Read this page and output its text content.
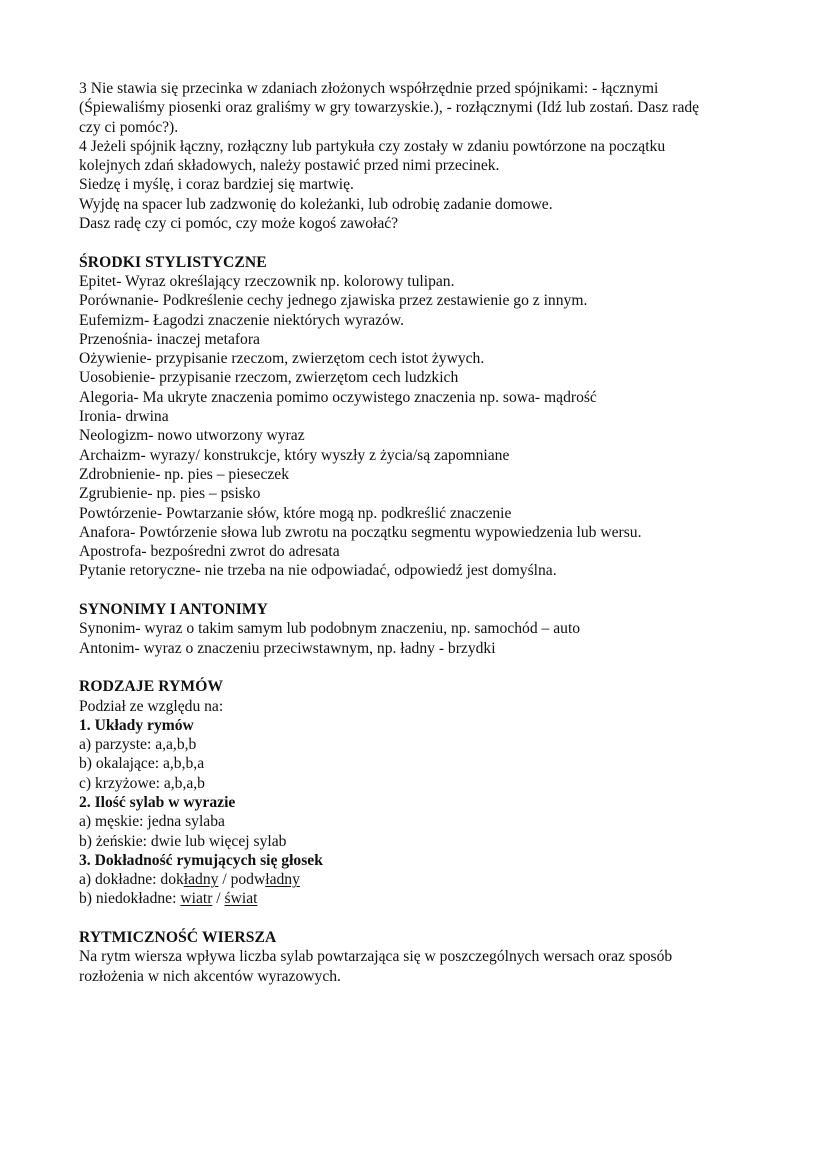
3 Nie stawia się przecinka w zdaniach złożonych współrzędnie przed spójnikami: - łącznymi
(Śpiewaliśmy piosenki oraz graliśmy w gry towarzyskie.), - rozłącznymi (Idź lub zostań. Dasz radę
czy ci pomóc?).
4 Jeżeli spójnik łączny, rozłączny lub partykuła czy zostały w zdaniu powtórzone na początku
kolejnych zdań składowych, należy postawić przed nimi przecinek.
Siedzę i myślę, i coraz bardziej się martwię.
Wyjdę na spacer lub zadzwonię do koleżanki, lub odrobię zadanie domowe.
Dasz radę czy ci pomóc, czy może kogoś zawołać?
ŚRODKI STYLISTYCZNE
Epitet- Wyraz określający rzeczownik np. kolorowy tulipan.
Porównanie- Podkreślenie cechy jednego zjawiska przez zestawienie go z innym.
Eufemizm- Łagodzi znaczenie niektórych wyrazów.
Przenośnia- inaczej metafora
Ożywienie- przypisanie rzeczom, zwierzętom cech istot żywych.
Uosobienie- przypisanie rzeczom, zwierzętom cech ludzkich
Alegoria- Ma ukryte znaczenia pomimo oczywistego znaczenia np. sowa- mądrość
Ironia- drwina
Neologizm- nowo utworzony wyraz
Archaizm- wyrazy/ konstrukcje, który wyszły z życia/są zapomniane
Zdrobnienie- np. pies – pieseczek
Zgrubienie- np. pies – psisko
Powtórzenie- Powtarzanie słów, które mogą np. podkreślić znaczenie
Anafora- Powtórzenie słowa lub zwrotu na początku segmentu wypowiedzenia lub wersu.
Apostrofa- bezpośredni zwrot do adresata
Pytanie retoryczne- nie trzeba na nie odpowiadać, odpowiedź jest domyślna.
SYNONIMY I ANTONIMY
Synonim- wyraz o takim samym lub podobnym znaczeniu, np. samochód – auto
Antonim- wyraz o znaczeniu przeciwstawnym, np. ładny - brzydki
RODZAJE RYMÓW
Podział ze względu na:
1. Układy rymów
a) parzyste: a,a,b,b
b) okalające: a,b,b,a
c) krzyżowe: a,b,a,b
2. Ilość sylab w wyrazie
a) męskie: jedna sylaba
b) żeńskie: dwie lub więcej sylab
3. Dokładność rymujących się głosek
a) dokładne: dokładny / podwładny
b) niedokładne: wiatr / świat
RYTMICZNOŚĆ WIERSZA
Na rytm wiersza wpływa liczba sylab powtarzająca się w poszczególnych wersach oraz sposób
rozłożenia w nich akcentów wyrazowych.
